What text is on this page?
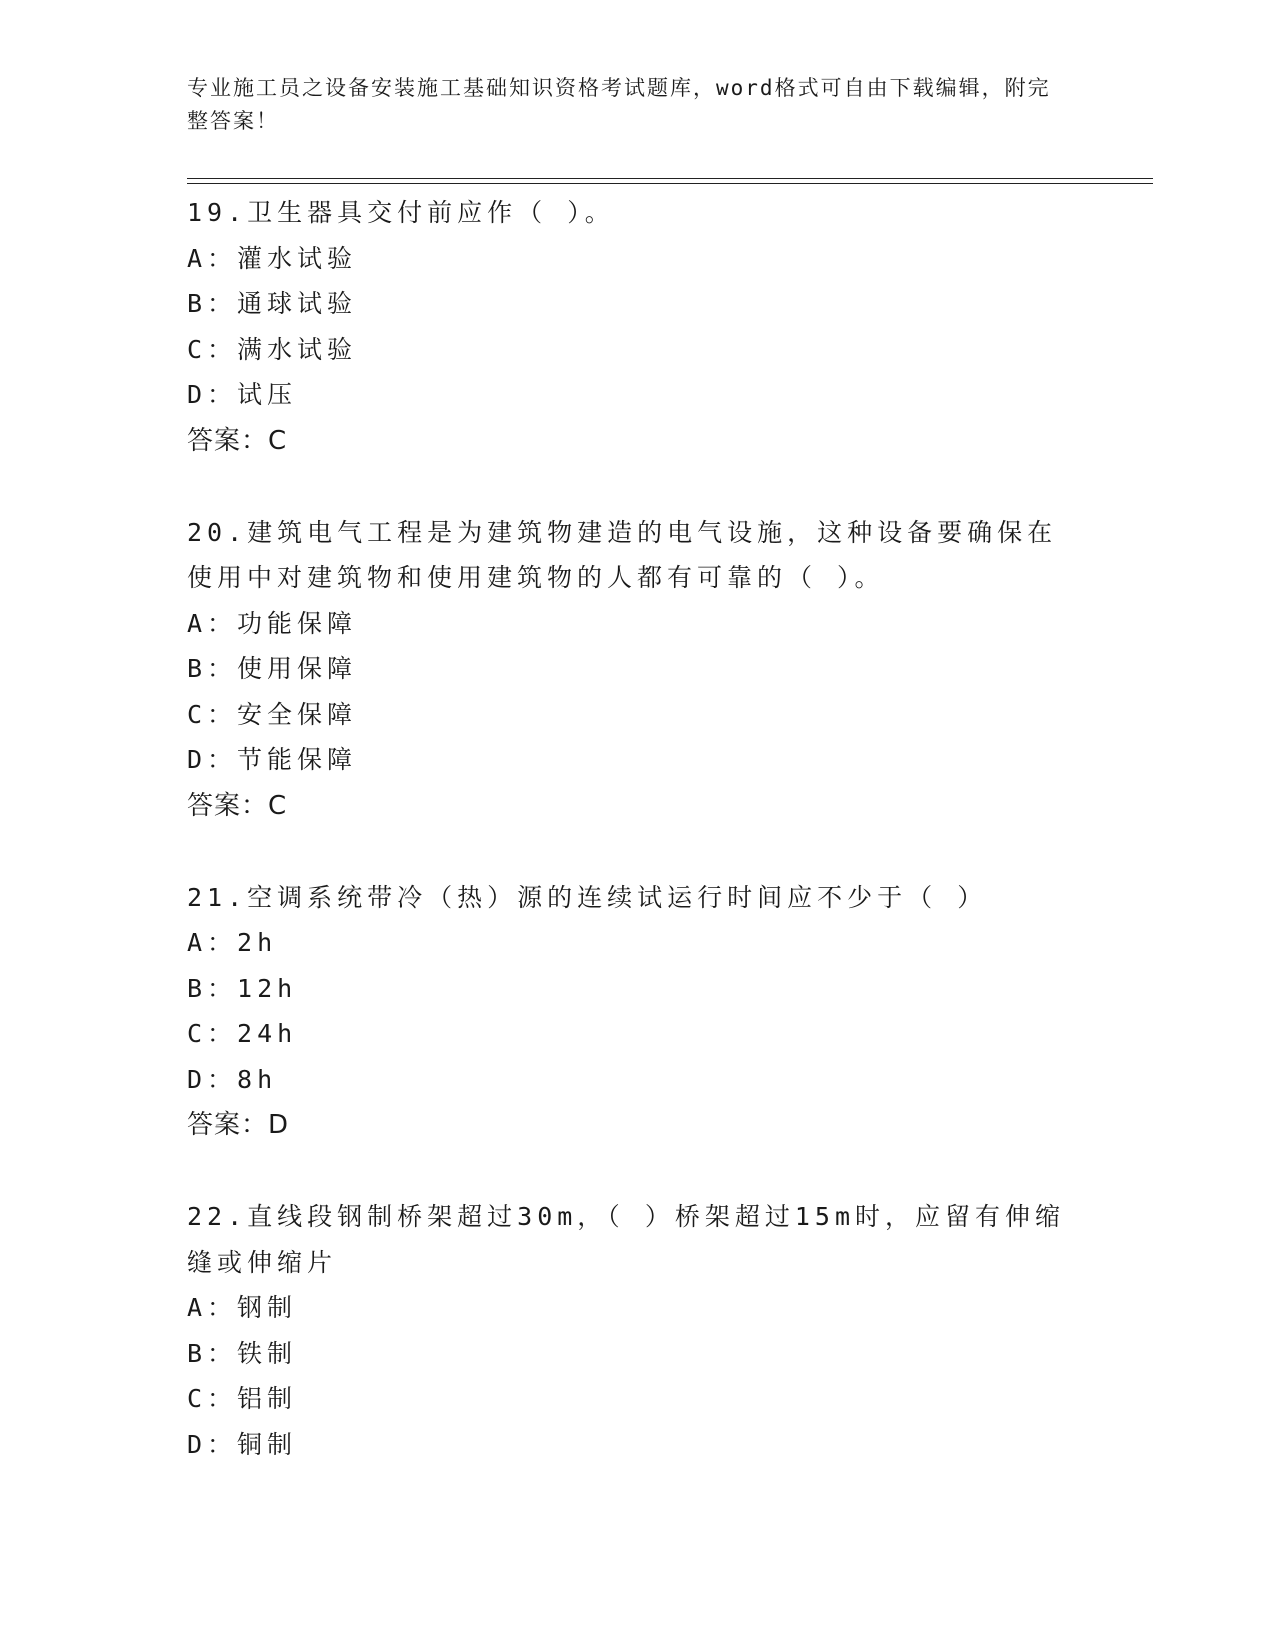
专业施工员之设备安装施工基础知识资格考试题库，word格式可自由下载编辑，附完整答案！
19.卫生器具交付前应作（ ）。
A：灌水试验
B：通球试验
C：满水试验
D：试压
答案：C
20.建筑电气工程是为建筑物建造的电气设施，这种设备要确保在使用中对建筑物和使用建筑物的人都有可靠的（ ）。
A：功能保障
B：使用保障
C：安全保障
D：节能保障
答案：C
21.空调系统带冷（热）源的连续试运行时间应不少于（ ）
A：2h
B：12h
C：24h
D：8h
答案：D
22.直线段钢制桥架超过30m，（ ）桥架超过15m时，应留有伸缩缝或伸缩片
A：钢制
B：铁制
C：铝制
D：铜制
